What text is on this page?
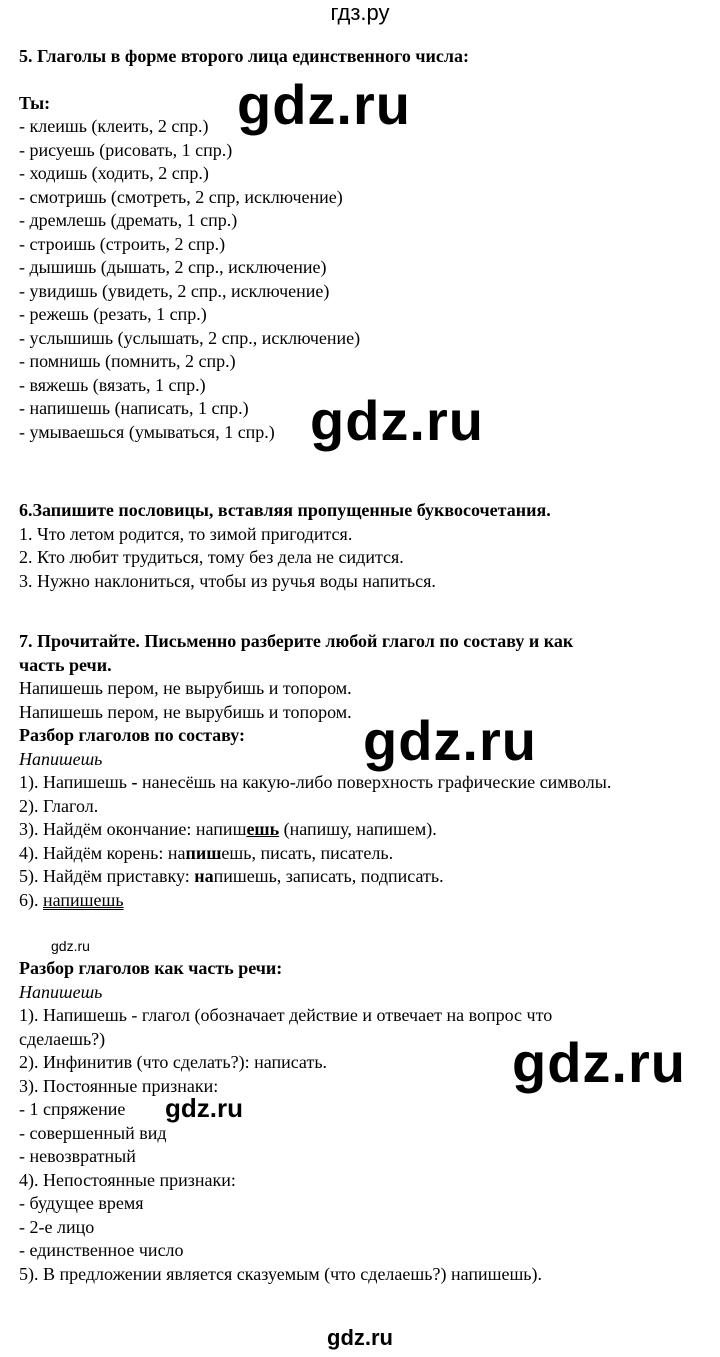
гдз.ру
gdz.ru
gdz.ru
gdz.ru
gdz.ru
gdz.ru
gdz.ru
5. Глаголы в форме второго лица единственного числа:
Ты:
- клеишь (клеить, 2 спр.)
- рисуешь (рисовать, 1 спр.)
- ходишь (ходить, 2 спр.)
- смотришь (смотреть, 2 спр, исключение)
- дремлешь (дремать, 1 спр.)
- строишь (строить, 2 спр.)
- дышишь (дышать, 2 спр., исключение)
- увидишь (увидеть, 2 спр., исключение)
- режешь (резать, 1 спр.)
- услышишь (услышать, 2 спр., исключение)
- помнишь (помнить, 2 спр.)
- вяжешь (вязать, 1 спр.)
- напишешь (написать, 1 спр.)
- умываешься (умываться, 1 спр.)
6.Запишите пословицы, вставляя пропущенные буквосочетания.
1. Что летом родится, то зимой пригодится.
2. Кто любит трудиться, тому без дела не сидится.
3. Нужно наклониться, чтобы из ручья воды напиться.
7. Прочитайте. Письменно разберите любой глагол по составу и как
часть речи.
Напишешь пером, не вырубишь и топором.
Напишешь пером, не вырубишь и топором.
Разбор глаголов по составу:
Напишешь
1). Напишешь - нанесёшь на какую-либо поверхность графические символы.
2). Глагол.
3). Найдём окончание: напишешь (напишу, напишем).
4). Найдём корень: напишешь, писать, писатель.
5). Найдём приставку: напишешь, записать, подписать.
6). напишешь
Разбор глаголов как часть речи:
Напишешь
1). Напишешь - глагол (обозначает действие и отвечает на вопрос что
сделаешь?)
2). Инфинитив (что сделать?): написать.
3). Постоянные признаки:
- 1 спряжение
- совершенный вид
- невозвратный
4). Непостоянные признаки:
- будущее время
- 2-е лицо
- единственное число
5). В предложении является сказуемым (что сделаешь?) напишешь).
gdz.ru
